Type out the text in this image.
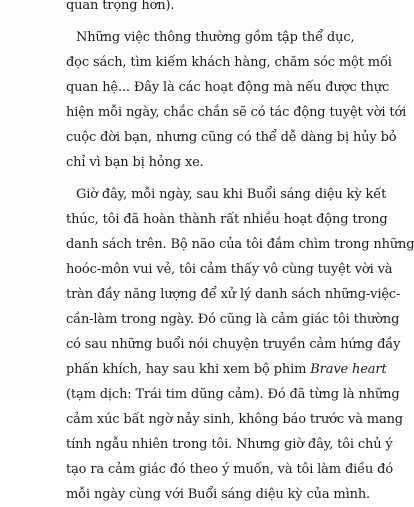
quan trọng hơn).
Những việc thông thường gồm tập thể dục,
đọc sách, tìm kiếm khách hàng, chăm sóc một mối
quan hệ... Đây là các hoạt động mà nếu được thực
hiện mỗi ngày, chắc chắn sẽ có tác động tuyệt vời tới
cuộc đời bạn, nhưng cũng có thể dễ dàng bị hủy bỏ
chỉ vì bạn bị hỏng xe.
Giờ đây, mỗi ngày, sau khi Buổi sáng diệu kỳ kết
thúc, tôi đã hoàn thành rất nhiều hoạt động trong
danh sách trên. Bộ não của tôi đắm chìm trong những
hoóc-môn vui vẻ, tôi cảm thấy vô cùng tuyệt vời và
tràn đầy năng lượng để xử lý danh sách những-việc-
cần-làm trong ngày. Đó cũng là cảm giác tôi thường
có sau những buổi nói chuyện truyền cảm hứng đầy
phấn khích, hay sau khi xem bộ phim Brave heart
(tạm dịch: Trái tim dũng cảm). Đó đã từng là những
cảm xúc bất ngờ nảy sinh, không báo trước và mang
tính ngẫu nhiên trong tôi. Nhưng giờ đây, tôi chủ ý
tạo ra cảm giác đó theo ý muốn, và tôi làm điều đó
mỗi ngày cùng với Buổi sáng diệu kỳ của mình.
